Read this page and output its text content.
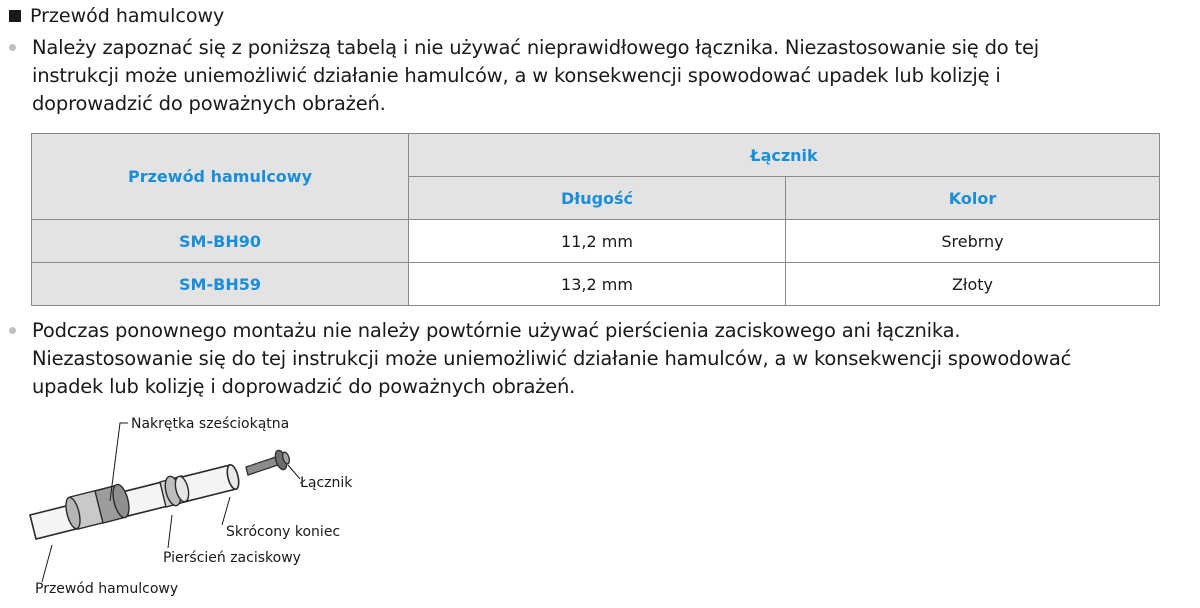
Przewód hamulcowy
Należy zapoznać się z poniższą tabelą i nie używać nieprawidłowego łącznika. Niezastosowanie się do tej
instrukcji może uniemożliwić działanie hamulców, a w konsekwencji spowodować upadek lub kolizję i
doprowadzić do poważnych obrażeń.
Przewód hamulcowy	Łącznik	
	Długość	Kolor
SM-BH90	11,2 mm	Srebrny
SM-BH59	13,2 mm	Złoty
Podczas ponownego montażu nie należy powtórnie używać pierścienia zaciskowego ani łącznika.
Niezastosowanie się do tej instrukcji może uniemożliwić działanie hamulców, a w konsekwencji spowodować
upadek lub kolizję i doprowadzić do poważnych obrażeń.
Nakrętka sześciokątna
Łącznik
Skrócony koniec
Pierścień zaciskowy
Przewód hamulcowy
